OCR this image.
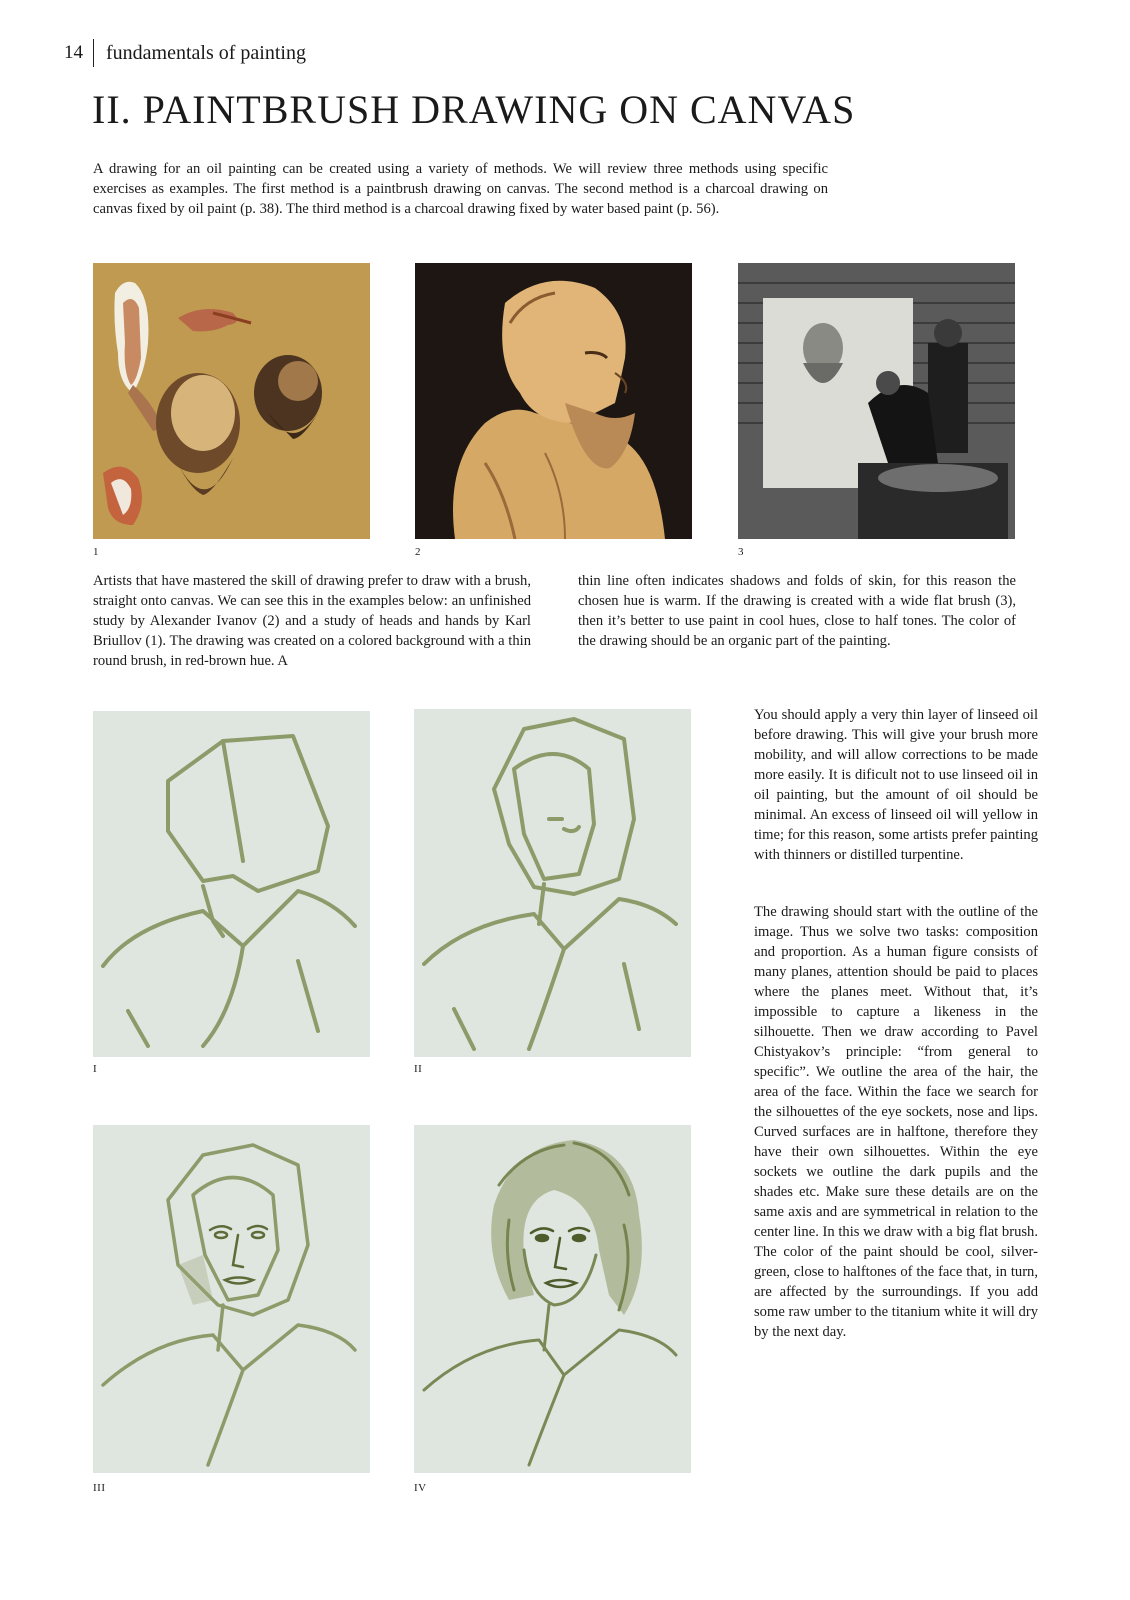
14 fundamentals of painting
II. PAINTBRUSH DRAWING ON CANVAS

A drawing for an oil painting can be created using a variety of methods. We will review three methods using specific exercises as examples. The first method is a paintbrush drawing on canvas. The second method is a charcoal drawing on canvas fixed by oil paint (p. 38). The third method is a charcoal drawing fixed by water based paint (p. 56).

1	2	3

Artists that have mastered the skill of drawing prefer to draw with a brush, straight onto canvas. We can see this in the examples below: an unfinished study by Alexander Ivanov (2) and a study of heads and hands by Karl Briullov (1). The drawing was created on a colored background with a thin round brush, in red-brown hue. A

thin line often indicates shadows and folds of skin, for this reason the chosen hue is warm. If the drawing is created with a wide flat brush (3), then it’s better to use paint in cool hues, close to half tones. The color of the drawing should be an organic part of the painting.

I	II
III	IV

You should apply a very thin layer of linseed oil before drawing. This will give your brush more mobility, and will allow corrections to be made more easily. It is dificult not to use linseed oil in oil painting, but the amount of oil should be minimal. An excess of linseed oil will yellow in time; for this reason, some artists prefer painting with thinners or distilled turpentine.

The drawing should start with the outline of the image. Thus we solve two tasks: composition and proportion. As a human figure consists of many planes, attention should be paid to places where the planes meet. Without that, it’s impossible to capture a likeness in the silhouette. Then we draw according to Pavel Chistyakov’s principle: “from general to specific”. We outline the area of the hair, the area of the face. Within the face we search for the silhouettes of the eye sockets, nose and lips. Curved surfaces are in halftone, therefore they have their own silhouettes. Within the eye sockets we outline the dark pupils and the shades etc. Make sure these details are on the same axis and are symmetrical in relation to the center line. In this we draw with a big flat brush. The color of the paint should be cool, silver-green, close to halftones of the face that, in turn, are affected by the surroundings. If you add some raw umber to the titanium white it will dry by the next day.
